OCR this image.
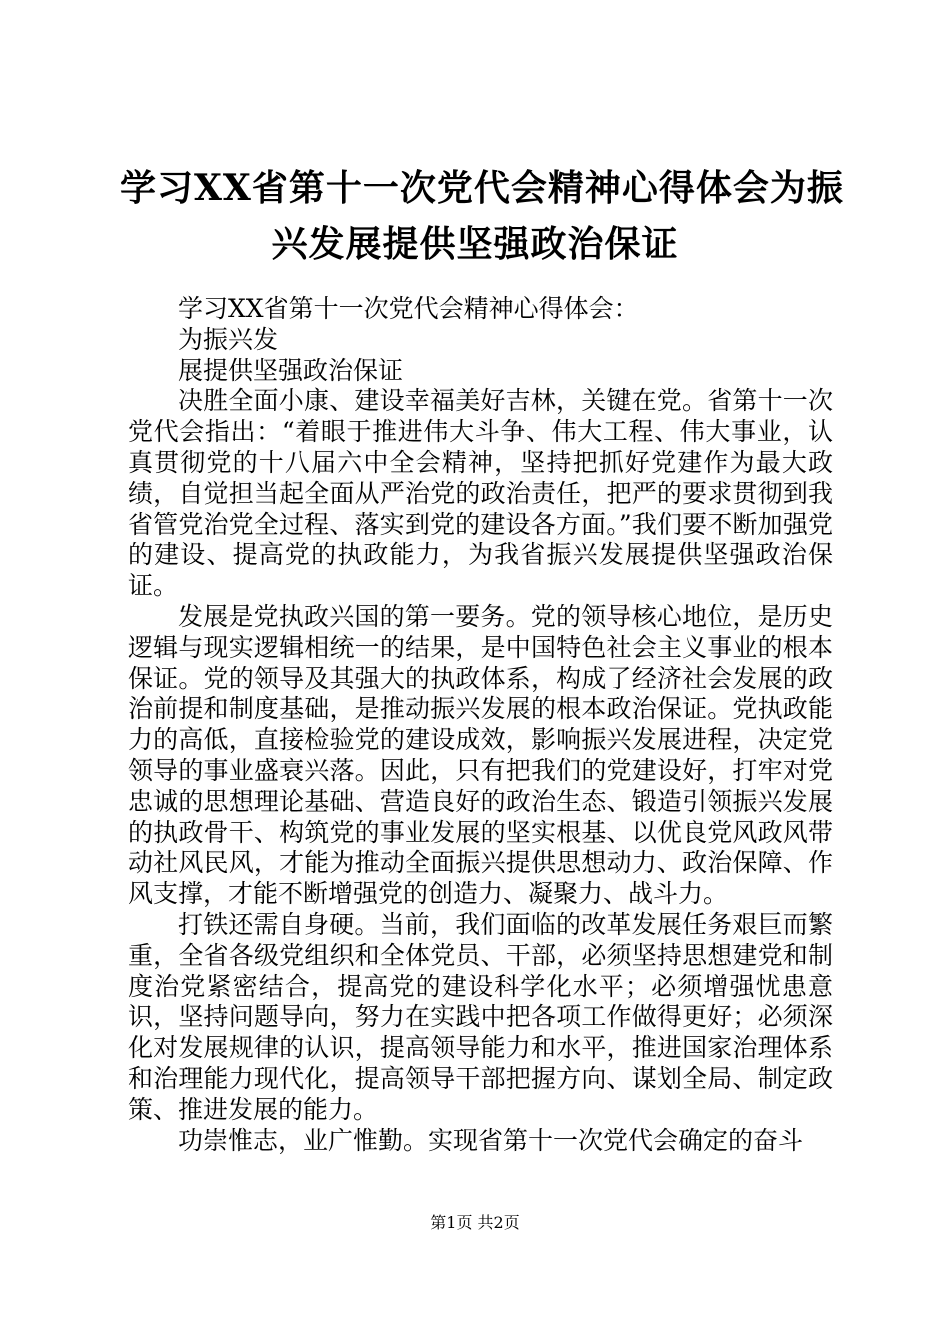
学习XX省第十一次党代会精神心得体会为振
兴发展提供坚强政治保证

学习XX省第十一次党代会精神心得体会：

为振兴发

展提供坚强政治保证

决胜全面小康、建设幸福美好吉林，关键在党。省第十一次党代会指出：“着眼于推进伟大斗争、伟大工程、伟大事业，认真贯彻党的十八届六中全会精神，坚持把抓好党建作为最大政绩，自觉担当起全面从严治党的政治责任，把严的要求贯彻到我省管党治党全过程、落实到党的建设各方面。”我们要不断加强党的建设、提高党的执政能力，为我省振兴发展提供坚强政治保证。

发展是党执政兴国的第一要务。党的领导核心地位，是历史逻辑与现实逻辑相统一的结果，是中国特色社会主义事业的根本保证。党的领导及其强大的执政体系，构成了经济社会发展的政治前提和制度基础，是推动振兴发展的根本政治保证。党执政能力的高低，直接检验党的建设成效，影响振兴发展进程，决定党领导的事业盛衰兴落。因此，只有把我们的党建设好，打牢对党忠诚的思想理论基础、营造良好的政治生态、锻造引领振兴发展的执政骨干、构筑党的事业发展的坚实根基、以优良党风政风带动社风民风，才能为推动全面振兴提供思想动力、政治保障、作风支撑，才能不断增强党的创造力、凝聚力、战斗力。

打铁还需自身硬。当前，我们面临的改革发展任务艰巨而繁重，全省各级党组织和全体党员、干部，必须坚持思想建党和制度治党紧密结合，提高党的建设科学化水平；必须增强忧患意识，坚持问题导向，努力在实践中把各项工作做得更好；必须深化对发展规律的认识，提高领导能力和水平，推进国家治理体系和治理能力现代化，提高领导干部把握方向、谋划全局、制定政策、推进发展的能力。

功崇惟志，业广惟勤。实现省第十一次党代会确定的奋斗

第1页 共2页
